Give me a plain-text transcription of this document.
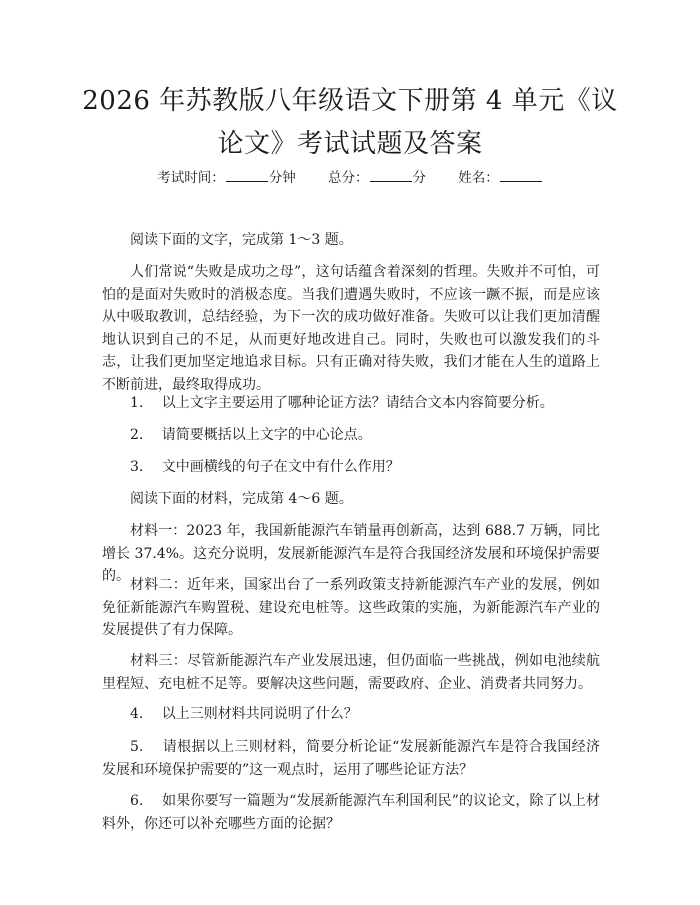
2026 年苏教版八年级语文下册第 4 单元《议
论文》考试试题及答案
考试时间：	分钟 总分：	分 姓名：

阅读下面的文字，完成第 1～3 题。

人们常说“失败是成功之母”，这句话蕴含着深刻的哲理。失败并不可怕，可怕的是面对失败时的消极态度。当我们遭遇失败时，不应该一蹶不振，而是应该从中吸取教训，总结经验，为下一次的成功做好准备。失败可以让我们更加清醒地认识到自己的不足，从而更好地改进自己。同时，失败也可以激发我们的斗志，让我们更加坚定地追求目标。只有正确对待失败，我们才能在人生的道路上不断前进，最终取得成功。

1.　 以上文字主要运用了哪种论证方法？请结合文本内容简要分析。

2.　 请简要概括以上文字的中心论点。

3.　 文中画横线的句子在文中有什么作用？

阅读下面的材料，完成第 4～6 题。

材料一：2023 年，我国新能源汽车销量再创新高，达到 688.7 万辆，同比增长 37.4%。这充分说明，发展新能源汽车是符合我国经济发展和环境保护需要的。

材料二：近年来，国家出台了一系列政策支持新能源汽车产业的发展，例如免征新能源汽车购置税、建设充电桩等。这些政策的实施，为新能源汽车产业的发展提供了有力保障。

材料三：尽管新能源汽车产业发展迅速，但仍面临一些挑战，例如电池续航里程短、充电桩不足等。要解决这些问题，需要政府、企业、消费者共同努力。

4.　 以上三则材料共同说明了什么？

5.　 请根据以上三则材料，简要分析论证“发展新能源汽车是符合我国经济发展和环境保护需要的”这一观点时，运用了哪些论证方法？

6.　 如果你要写一篇题为“发展新能源汽车利国利民”的议论文，除了以上材料外，你还可以补充哪些方面的论据？
